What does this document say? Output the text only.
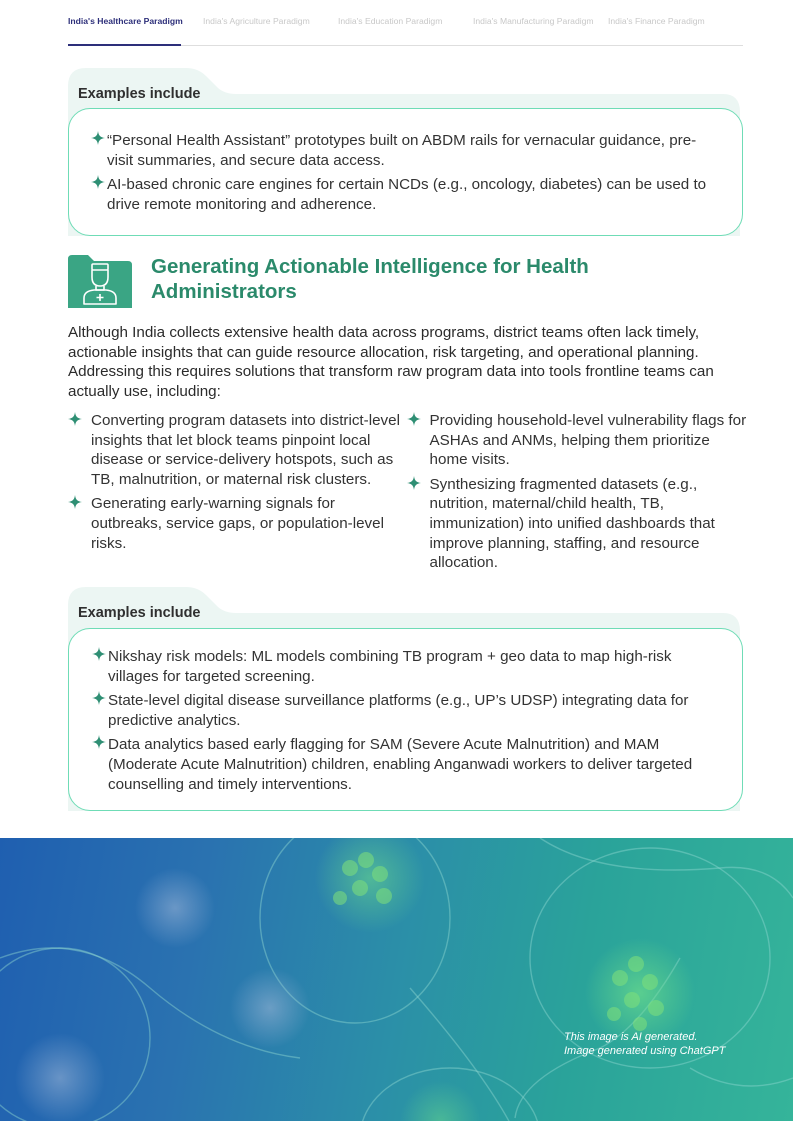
India's Healthcare Paradigm	India's Agriculture Paradigm	India's Education Paradigm	India's Manufacturing Paradigm	India's Finance Paradigm
Examples include
“Personal Health Assistant” prototypes built on ABDM rails for vernacular guidance, pre-visit summaries, and secure data access.
AI-based chronic care engines for certain NCDs (e.g., oncology, diabetes) can be used to drive remote monitoring and adherence.
Generating Actionable Intelligence for Health Administrators

Although India collects extensive health data across programs, district teams often lack timely, actionable insights that can guide resource allocation, risk targeting, and operational planning. Addressing this requires solutions that transform raw program data into tools frontline teams can actually use, including:

Converting program datasets into district-level insights that let block teams pinpoint local disease or service-delivery hotspots, such as TB, malnutrition, or maternal risk clusters.
Generating early-warning signals for outbreaks, service gaps, or population-level risks.
Providing household-level vulnerability flags for ASHAs and ANMs, helping them prioritize home visits.
Synthesizing fragmented datasets (e.g., nutrition, maternal/child health, TB, immunization) into unified dashboards that improve planning, staffing, and resource allocation.
Examples include
Nikshay risk models: ML models combining TB program + geo data to map high-risk villages for targeted screening.
State-level digital disease surveillance platforms (e.g., UP’s UDSP) integrating data for predictive analytics.
Data analytics based early flagging for SAM (Severe Acute Malnutrition) and MAM (Moderate Acute Malnutrition) children, enabling Anganwadi workers to deliver targeted counselling and timely interventions.
This image is AI generated.
Image generated using ChatGPT
